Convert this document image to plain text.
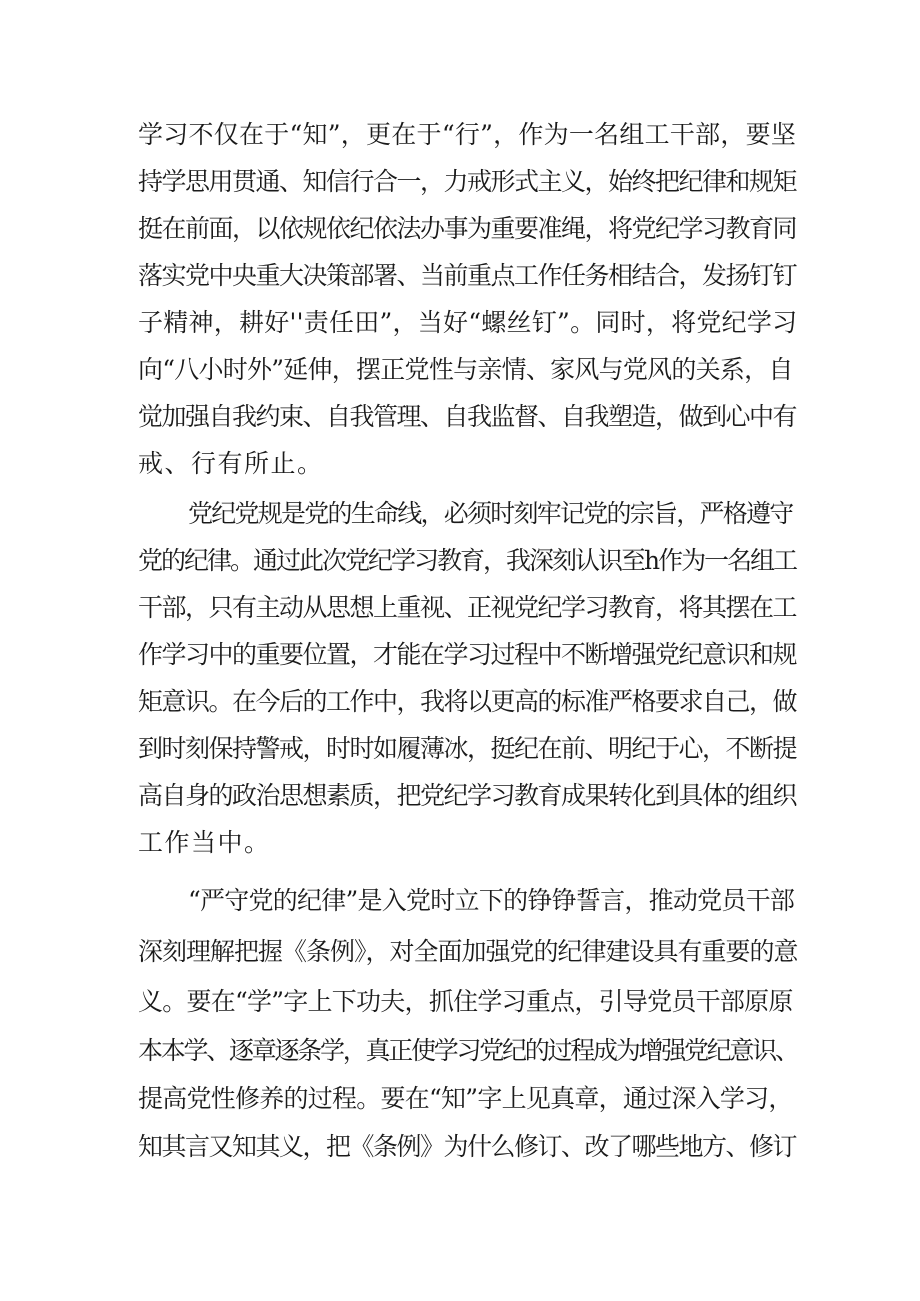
学习不仅在于“知”，更在于“行”，作为一名组工干部，要坚
持学思用贯通、知信行合一，力戒形式主义，始终把纪律和规矩
挺在前面，以依规依纪依法办事为重要准绳，将党纪学习教育同
落实党中央重大决策部署、当前重点工作任务相结合，发扬钉钉
子精神，耕好''责任田”，当好“螺丝钉”。同时，将党纪学习
向“八小时外”延伸，摆正党性与亲情、家风与党风的关系，自
觉加强自我约束、自我管理、自我监督、自我塑造，做到心中有
戒、行有所止。
党纪党规是党的生命线，必须时刻牢记党的宗旨，严格遵守
党的纪律。通过此次党纪学习教育，我深刻认识至h作为一名组工
干部，只有主动从思想上重视、正视党纪学习教育，将其摆在工
作学习中的重要位置，才能在学习过程中不断增强党纪意识和规
矩意识。在今后的工作中，我将以更高的标准严格要求自己，做
到时刻保持警戒，时时如履薄冰，挺纪在前、明纪于心，不断提
高自身的政治思想素质，把党纪学习教育成果转化到具体的组织
工作当中。
“严守党的纪律”是入党时立下的铮铮誓言，推动党员干部
深刻理解把握《条例》，对全面加强党的纪律建设具有重要的意
义。要在“学”字上下功夫，抓住学习重点，引导党员干部原原
本本学、逐章逐条学，真正使学习党纪的过程成为增强党纪意识、
提高党性修养的过程。要在“知”字上见真章，通过深入学习，
知其言又知其义，把《条例》为什么修订、改了哪些地方、修订
